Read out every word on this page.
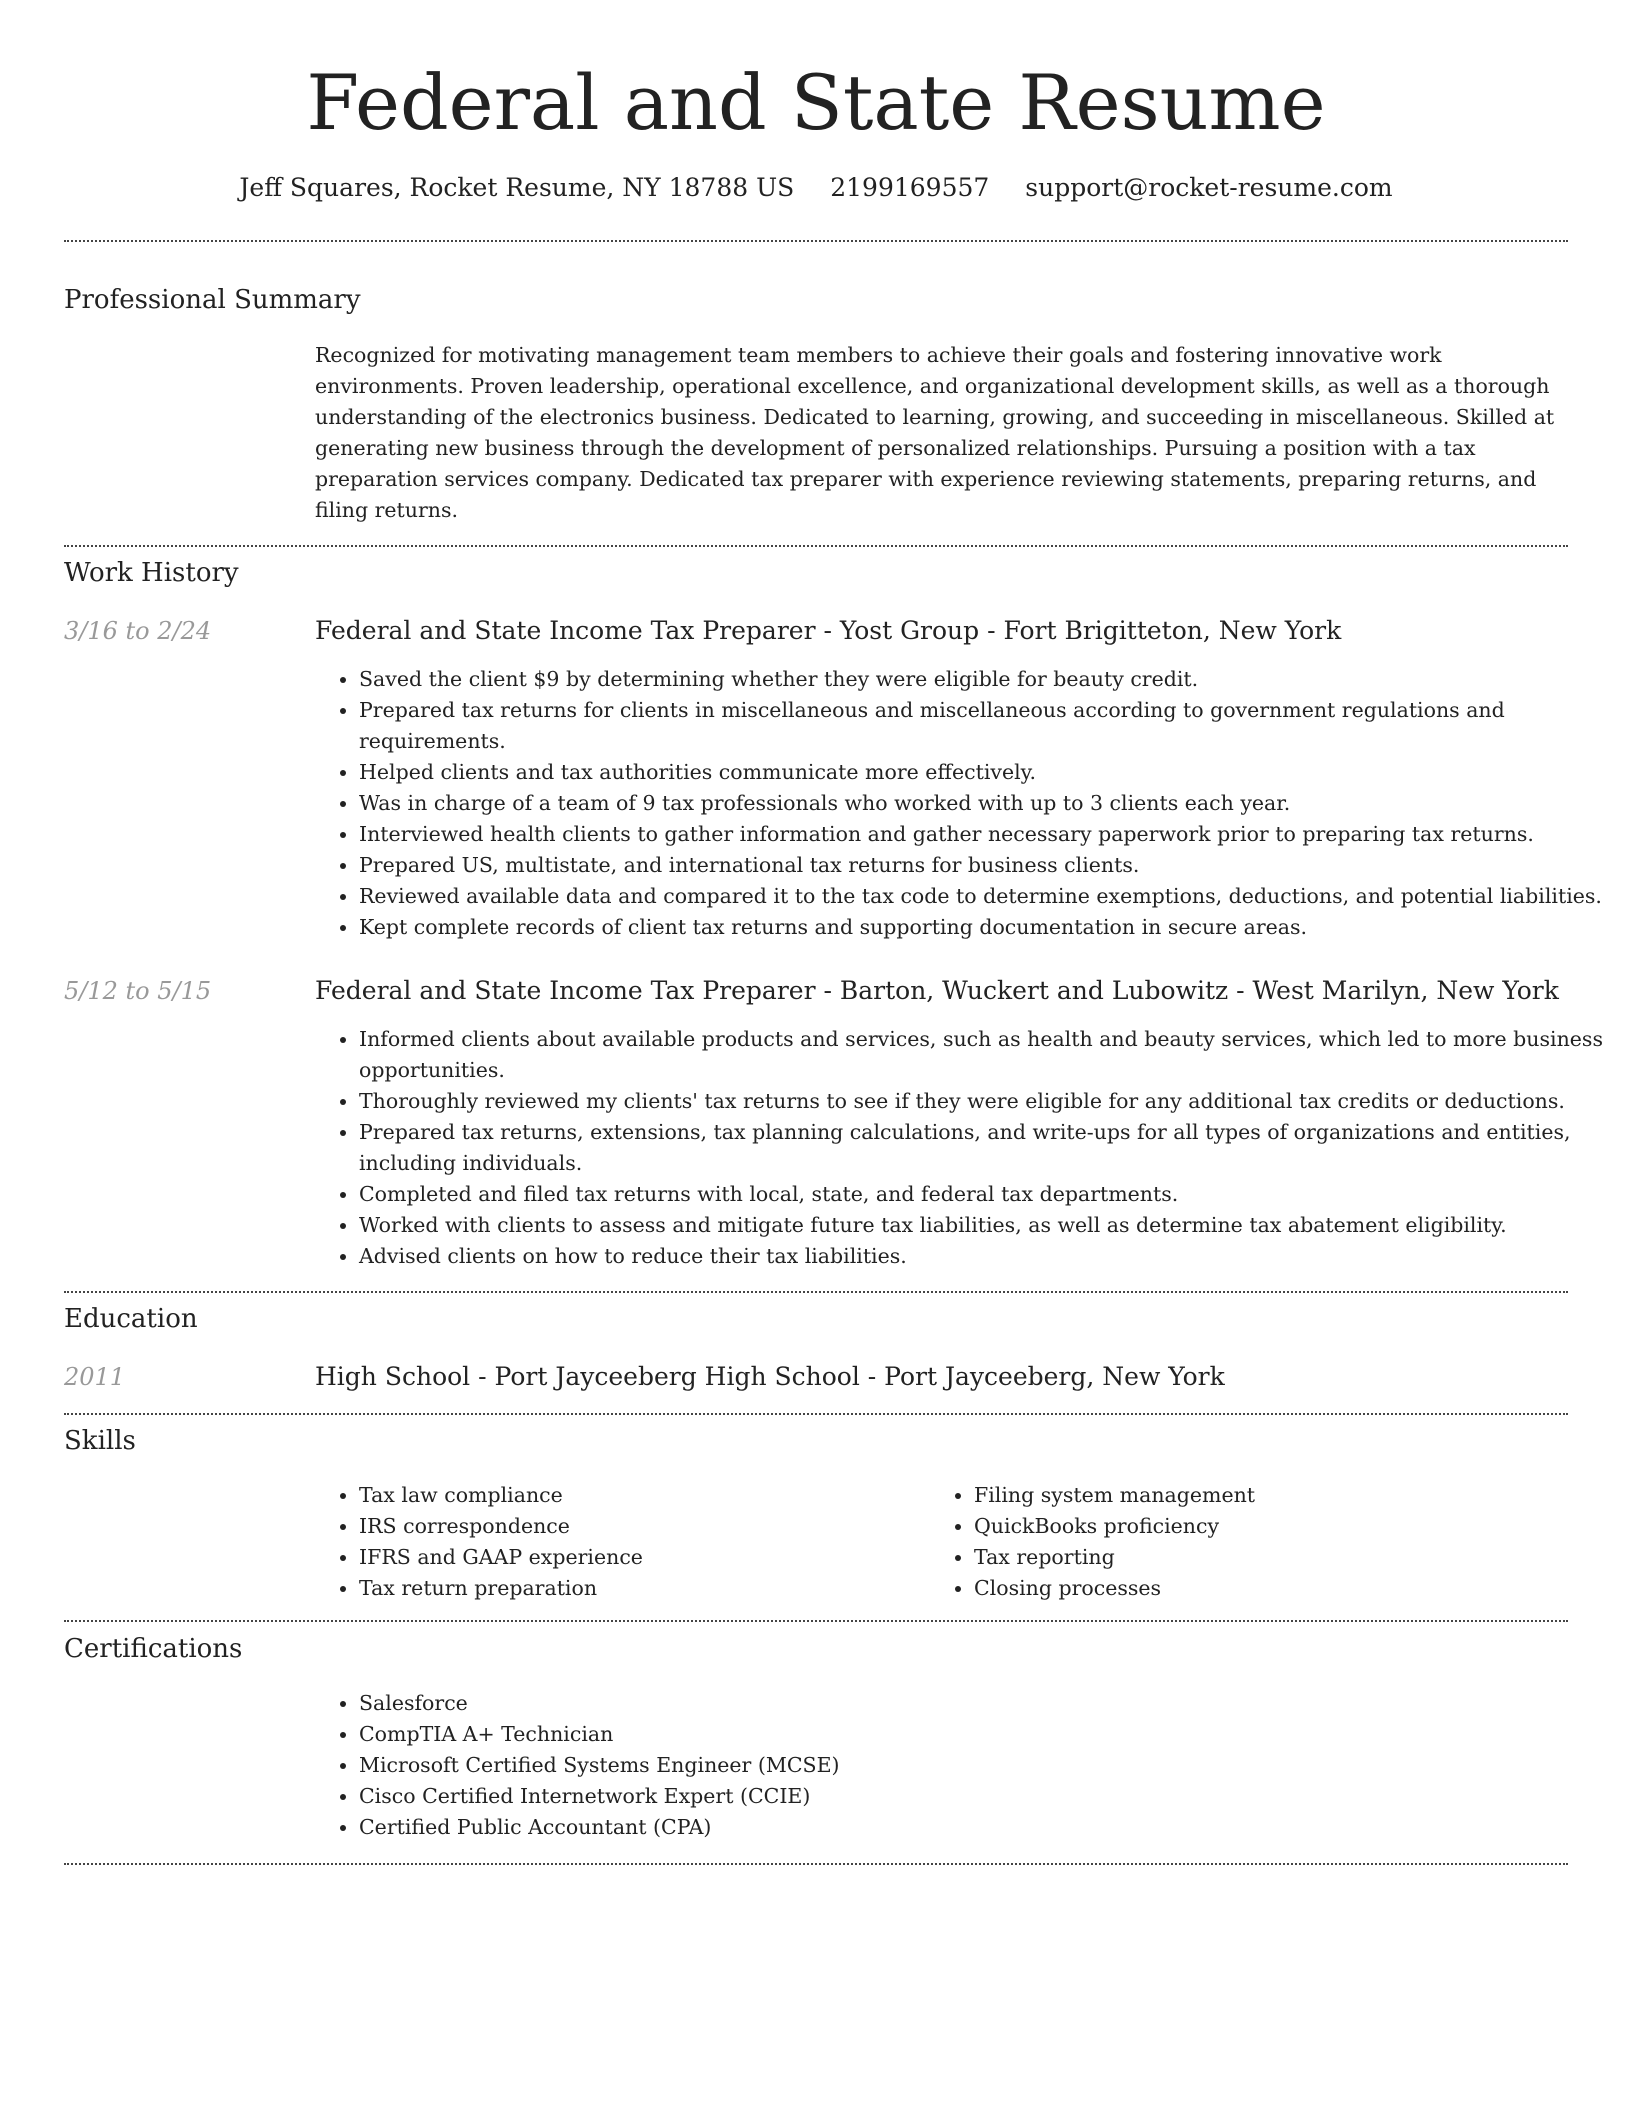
Federal and State Resume
Jeff Squares, Rocket Resume, NY 18788 US 2199169557 support@rocket-resume.com
Professional Summary

Recognized for motivating management team members to achieve their goals and fostering innovative work environments. Proven leadership, operational excellence, and organizational development skills, as well as a thorough understanding of the electronics business. Dedicated to learning, growing, and succeeding in miscellaneous. Skilled at generating new business through the development of personalized relationships. Pursuing a position with a tax preparation services company. Dedicated tax preparer with experience reviewing statements, preparing returns, and filing returns.

Work History
3/16 to 2/24	Federal and State Income Tax Preparer - Yost Group - Fort Brigitteton, New York
• Saved the client $9 by determining whether they were eligible for beauty credit.
• Prepared tax returns for clients in miscellaneous and miscellaneous according to government regulations and requirements.
• Helped clients and tax authorities communicate more effectively.
• Was in charge of a team of 9 tax professionals who worked with up to 3 clients each year.
• Interviewed health clients to gather information and gather necessary paperwork prior to preparing tax returns.
• Prepared US, multistate, and international tax returns for business clients.
• Reviewed available data and compared it to the tax code to determine exemptions, deductions, and potential liabilities.
• Kept complete records of client tax returns and supporting documentation in secure areas.
5/12 to 5/15	Federal and State Income Tax Preparer - Barton, Wuckert and Lubowitz - West Marilyn, New York
• Informed clients about available products and services, such as health and beauty services, which led to more business opportunities.
• Thoroughly reviewed my clients' tax returns to see if they were eligible for any additional tax credits or deductions.
• Prepared tax returns, extensions, tax planning calculations, and write-ups for all types of organizations and entities, including individuals.
• Completed and filed tax returns with local, state, and federal tax departments.
• Worked with clients to assess and mitigate future tax liabilities, as well as determine tax abatement eligibility.
• Advised clients on how to reduce their tax liabilities.
Education
2011	High School - Port Jayceeberg High School - Port Jayceeberg, New York
Skills
• Tax law compliance
• IRS correspondence
• IFRS and GAAP experience
• Tax return preparation
• Filing system management
• QuickBooks proficiency
• Tax reporting
• Closing processes
Certifications
• Salesforce
• CompTIA A+ Technician
• Microsoft Certified Systems Engineer (MCSE)
• Cisco Certified Internetwork Expert (CCIE)
• Certified Public Accountant (CPA)
